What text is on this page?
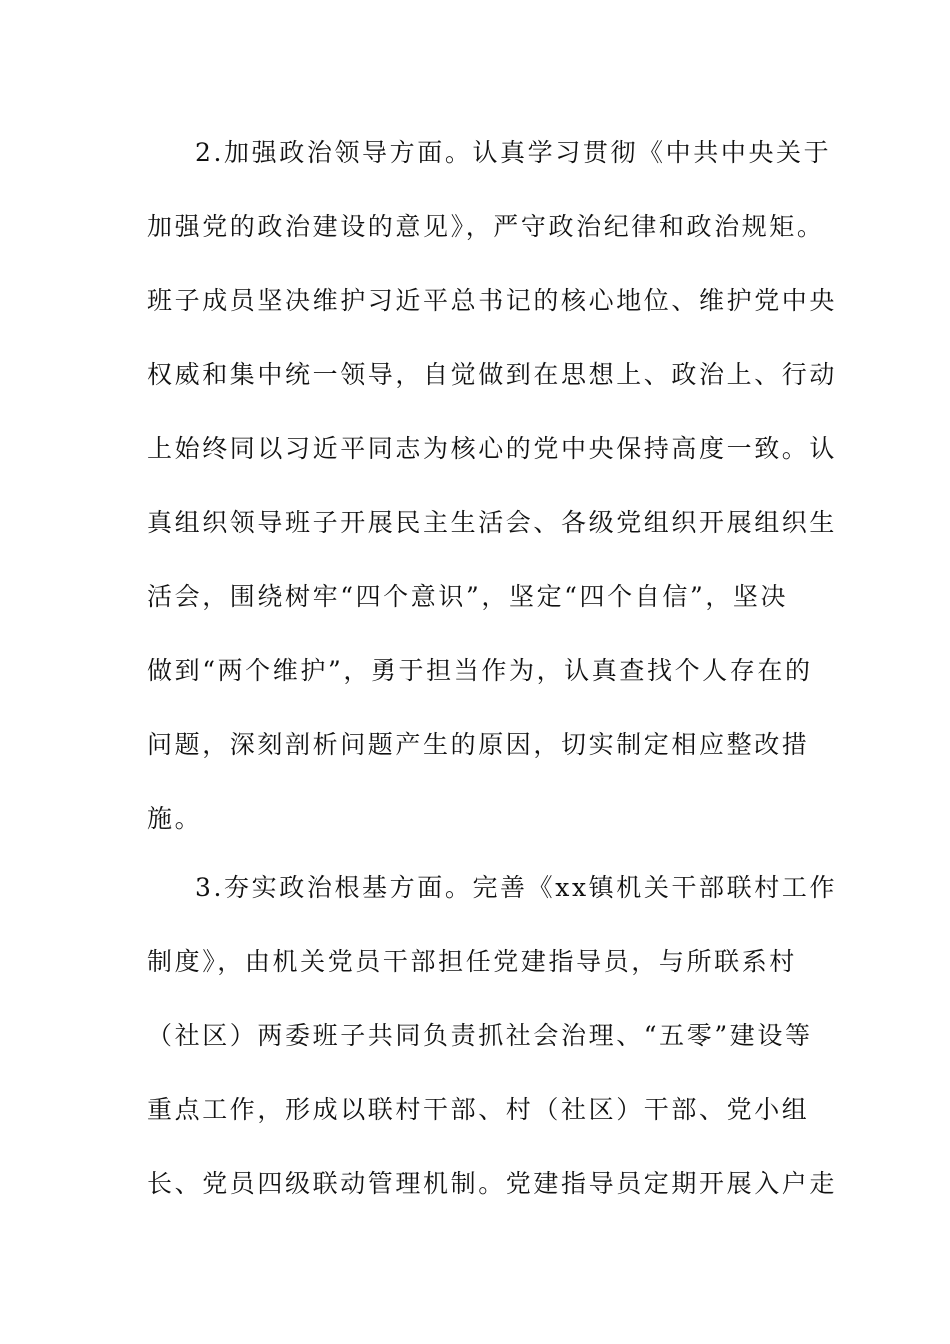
2.加强政治领导方面。认真学习贯彻《中共中央关于
加强党的政治建设的意见》，严守政治纪律和政治规矩。
班子成员坚决维护习近平总书记的核心地位、维护党中央
权威和集中统一领导，自觉做到在思想上、政治上、行动
上始终同以习近平同志为核心的党中央保持高度一致。认
真组织领导班子开展民主生活会、各级党组织开展组织生
活会，围绕树牢“四个意识”，坚定“四个自信”，坚决
做到“两个维护”，勇于担当作为，认真查找个人存在的
问题，深刻剖析问题产生的原因，切实制定相应整改措
施。
3.夯实政治根基方面。完善《xx镇机关干部联村工作
制度》，由机关党员干部担任党建指导员，与所联系村
（社区）两委班子共同负责抓社会治理、“五零”建设等
重点工作，形成以联村干部、村（社区）干部、党小组
长、党员四级联动管理机制。党建指导员定期开展入户走
